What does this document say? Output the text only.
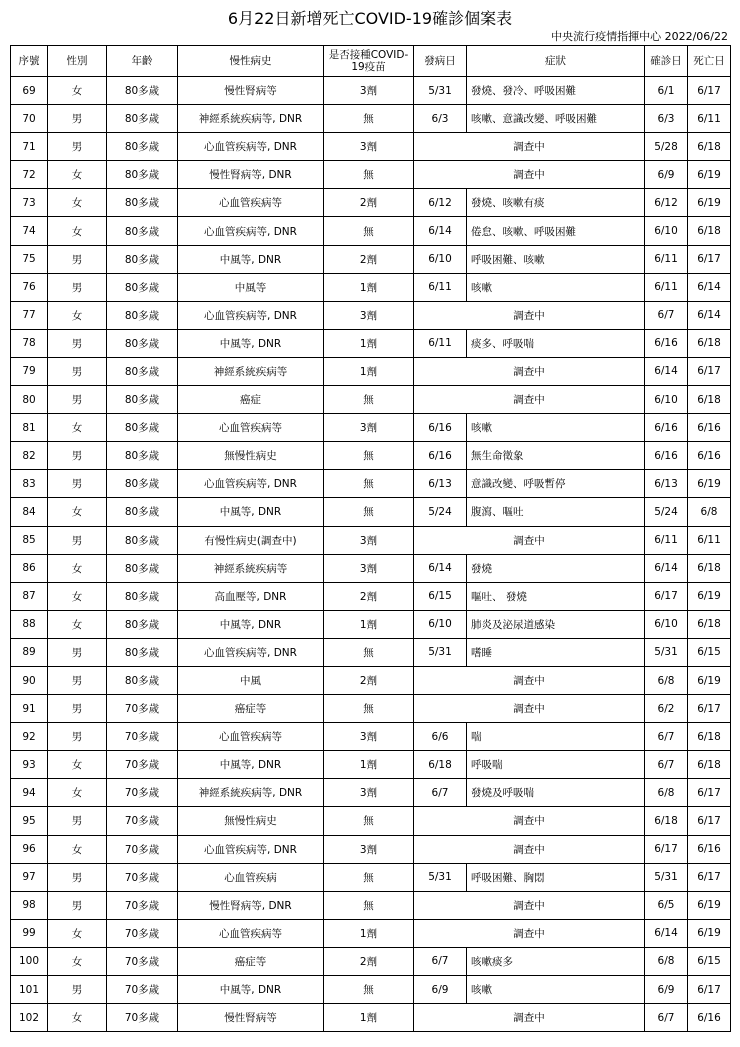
6月22日新增死亡COVID-19確診個案表
中央流行疫情指揮中心 2022/06/22
序號	性別	年齡	慢性病史	是否接種COVID-19疫苗	發病日	症狀	確診日	死亡日
69	女	80多歲	慢性腎病等	3劑	5/31	發燒、發冷、呼吸困難	6/1	6/17
70	男	80多歲	神經系統疾病等, DNR	無	6/3	咳嗽、意識改變、呼吸困難	6/3	6/11
71	男	80多歲	心血管疾病等, DNR	3劑	調查中		5/28	6/18
72	女	80多歲	慢性腎病等, DNR	無	調查中		6/9	6/19
73	女	80多歲	心血管疾病等	2劑	6/12	發燒、咳嗽有痰	6/12	6/19
74	女	80多歲	心血管疾病等, DNR	無	6/14	倦怠、咳嗽、呼吸困難	6/10	6/18
75	男	80多歲	中風等, DNR	2劑	6/10	呼吸困難、咳嗽	6/11	6/17
76	男	80多歲	中風等	1劑	6/11	咳嗽	6/11	6/14
77	女	80多歲	心血管疾病等, DNR	3劑	調查中		6/7	6/14
78	男	80多歲	中風等, DNR	1劑	6/11	痰多、呼吸喘	6/16	6/18
79	男	80多歲	神經系統疾病等	1劑	調查中		6/14	6/17
80	男	80多歲	癌症	無	調查中		6/10	6/18
81	女	80多歲	心血管疾病等	3劑	6/16	咳嗽	6/16	6/16
82	男	80多歲	無慢性病史	無	6/16	無生命徵象	6/16	6/16
83	男	80多歲	心血管疾病等, DNR	無	6/13	意識改變、呼吸暫停	6/13	6/19
84	女	80多歲	中風等, DNR	無	5/24	腹瀉、嘔吐	5/24	6/8
85	男	80多歲	有慢性病史(調查中)	3劑	調查中		6/11	6/11
86	女	80多歲	神經系統疾病等	3劑	6/14	發燒	6/14	6/18
87	女	80多歲	高血壓等, DNR	2劑	6/15	嘔吐、 發燒	6/17	6/19
88	女	80多歲	中風等, DNR	1劑	6/10	肺炎及泌尿道感染	6/10	6/18
89	男	80多歲	心血管疾病等, DNR	無	5/31	嗜睡	5/31	6/15
90	男	80多歲	中風	2劑	調查中		6/8	6/19
91	男	70多歲	癌症等	無	調查中		6/2	6/17
92	男	70多歲	心血管疾病等	3劑	6/6	喘	6/7	6/18
93	女	70多歲	中風等, DNR	1劑	6/18	呼吸喘	6/7	6/18
94	女	70多歲	神經系統疾病等, DNR	3劑	6/7	發燒及呼吸喘	6/8	6/17
95	男	70多歲	無慢性病史	無	調查中		6/18	6/17
96	女	70多歲	心血管疾病等, DNR	3劑	調查中		6/17	6/16
97	男	70多歲	心血管疾病	無	5/31	呼吸困難、胸悶	5/31	6/17
98	男	70多歲	慢性腎病等, DNR	無	調查中		6/5	6/19
99	女	70多歲	心血管疾病等	1劑	調查中		6/14	6/19
100	女	70多歲	癌症等	2劑	6/7	咳嗽痰多	6/8	6/15
101	男	70多歲	中風等, DNR	無	6/9	咳嗽	6/9	6/17
102	女	70多歲	慢性腎病等	1劑	調查中		6/7	6/16
